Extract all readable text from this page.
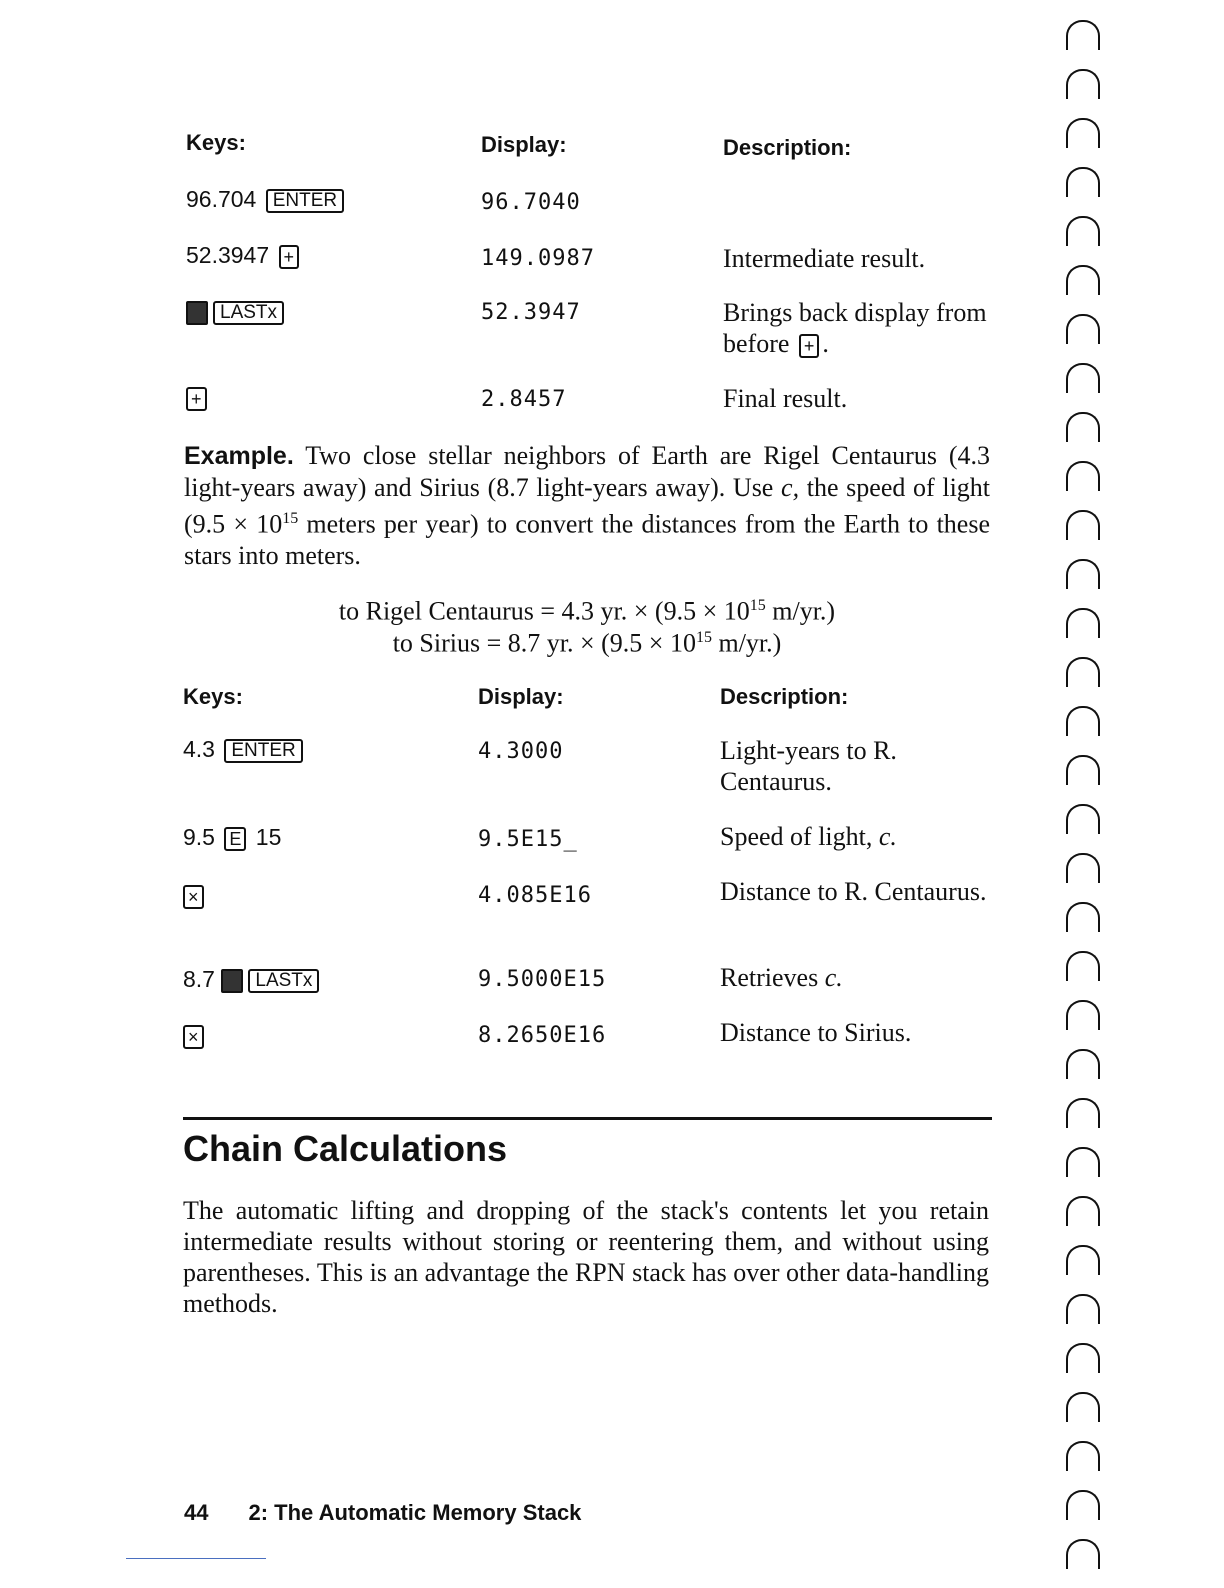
Keys:	Display:	Description:
96.704 ENTER	96.7040
52.3947 +	149.0987	Intermediate result.
LASTx	52.3947	Brings back display from before + .
+	2.8457	Final result.
Example. Two close stellar neighbors of Earth are Rigel Centaurus (4.3 light-years away) and Sirius (8.7 light-years away). Use c, the speed of light ($9.5 \times 10^{15}$ meters per year) to convert the distances from the Earth to these stars into meters.
to Rigel Centaurus = 4.3 yr. × ($9.5 \times 10^{15}$ m/yr.)
to Sirius = 8.7 yr. × ($9.5 \times 10^{15}$ m/yr.)
Keys:	Display:	Description:
4.3 ENTER	4.3000	Light-years to R. Centaurus.
9.5 E 15	9.5E15_	Speed of light, c.
×	4.085E16	Distance to R. Centaurus.
8.7 LASTx	9.5000E15	Retrieves c.
×	8.2650E16	Distance to Sirius.
Chain Calculations
The automatic lifting and dropping of the stack's contents let you retain intermediate results without storing or reentering them, and without using parentheses. This is an advantage the RPN stack has over other data-handling methods.
44 2: The Automatic Memory Stack
